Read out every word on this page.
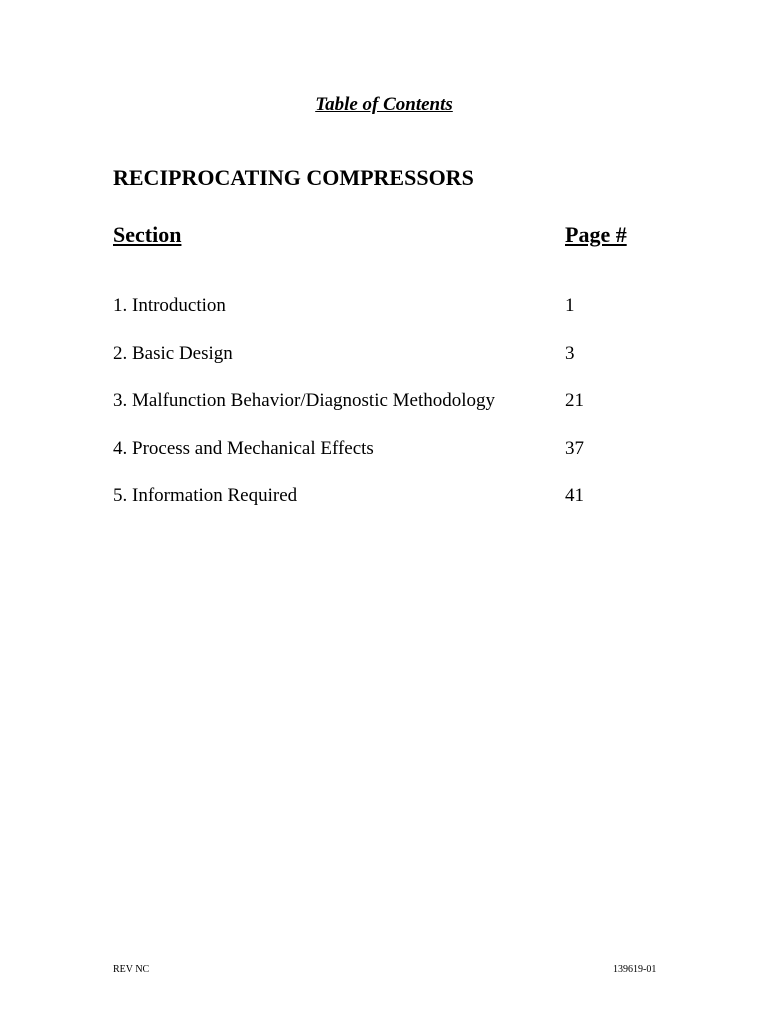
Table of Contents
RECIPROCATING COMPRESSORS
Section	Page #
1. Introduction	1
2. Basic Design	3
3. Malfunction Behavior/Diagnostic Methodology	21
4. Process and Mechanical Effects	37
5. Information Required	41
REV NC	139619-01
